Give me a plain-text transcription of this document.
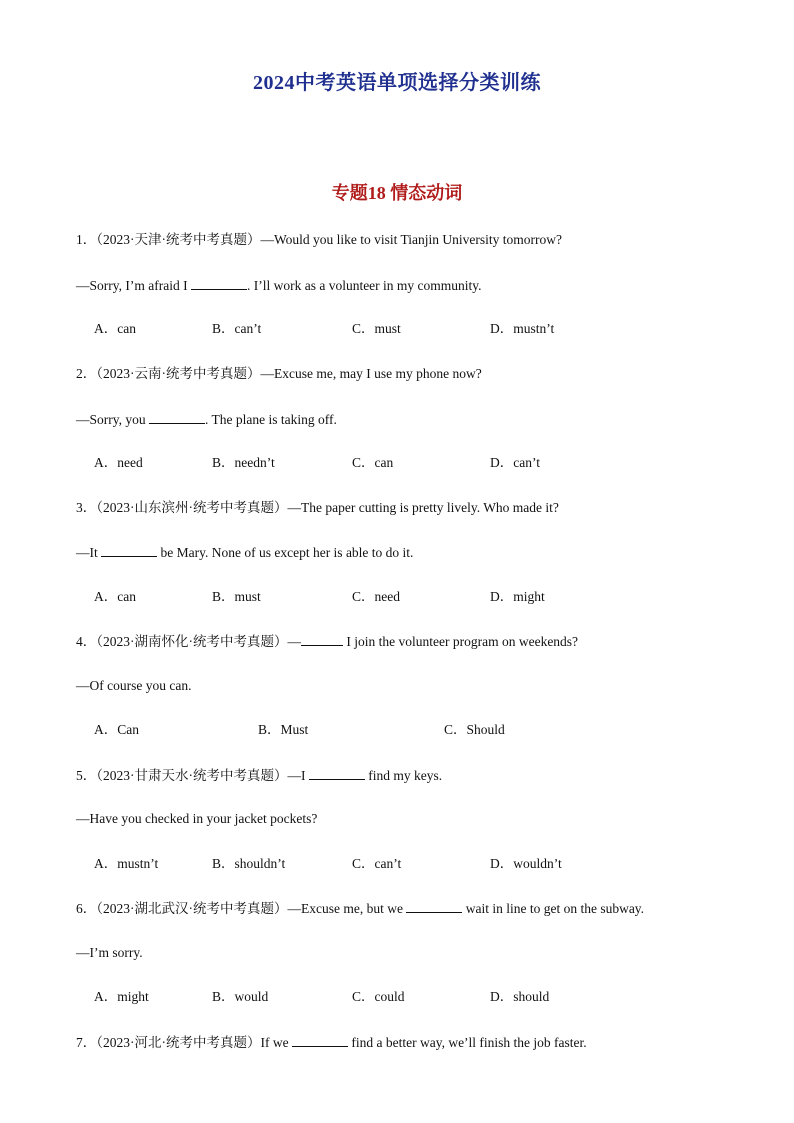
2024中考英语单项选择分类训练
专题18 情态动词
1．（2023·天津·统考中考真题）—Would you like to visit Tianjin University tomorrow?
—Sorry, I’m afraid I	. I’ll work as a volunteer in my community.
A．can	B．can’t	C．must	D．mustn’t
2．（2023·云南·统考中考真题）—Excuse me, may I use my phone now?
—Sorry, you	. The plane is taking off.
A．need	B．needn’t	C．can	D．can’t
3．（2023·山东滨州·统考中考真题）—The paper cutting is pretty lively. Who made it?
—It	be Mary. None of us except her is able to do it.
A．can	B．must	C．need	D．might
4．（2023·湖南怀化·统考中考真题）—	I join the volunteer program on weekends?
—Of course you can.
A．Can	B．Must	C．Should
5．（2023·甘肃天水·统考中考真题）—I	find my keys.
—Have you checked in your jacket pockets?
A．mustn’t	B．shouldn’t	C．can’t	D．wouldn’t
6．（2023·湖北武汉·统考中考真题）—Excuse me, but we	wait in line to get on the subway.
—I’m sorry.
A．might	B．would	C．could	D．should
7．（2023·河北·统考中考真题）If we	find a better way, we’ll finish the job faster.
